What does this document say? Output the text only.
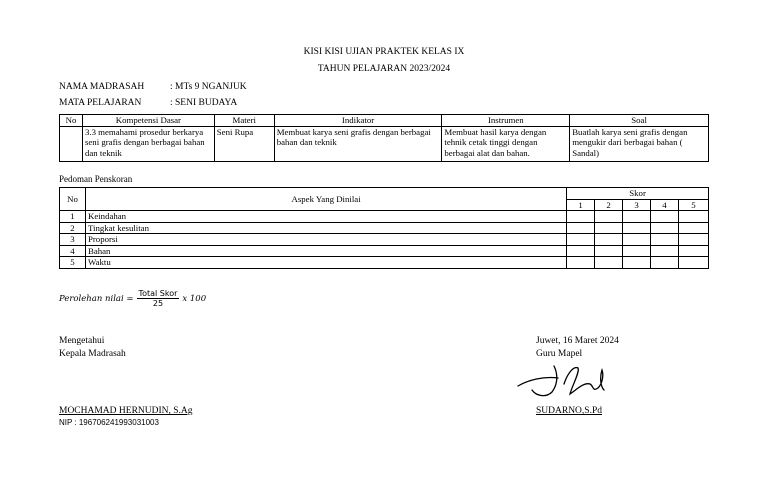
KISI KISI UJIAN PRAKTEK KELAS IX
TAHUN PELAJARAN 2023/2024
NAMA MADRASAH	: MTs 9 NGANJUK
MATA PELAJARAN	: SENI BUDAYA
No	Kompetensi Dasar	Materi	Indikator	Instrumen	Soal
	3.3 memahami prosedur berkarya seni grafis dengan berbagai bahan dan teknik	Seni Rupa	Membuat karya seni grafis dengan berbagai bahan dan teknik	Membuat hasil karya dengan tehnik cetak tinggi dengan berbagai alat dan bahan.	Buatlah karya seni grafis dengan mengukir dari berbagai bahan ( Sandal)
Pedoman Penskoran
No	Aspek Yang Dinilai	Skor				
		1	2	3	4	5
1	Keindahan					
2	Tingkat kesulitan					
3	Proporsi					
4	Bahan					
5	Waktu					
Perolehan nilai = $\frac{\text{Total Skor}}{25}$ x 100
Mengetahui
Kepala Madrasah
MOCHAMAD HERNUDIN, S.Ag
NIP : 196706241993031003
Juwet, 16 Maret 2024
Guru Mapel
SUDARNO,S.Pd
